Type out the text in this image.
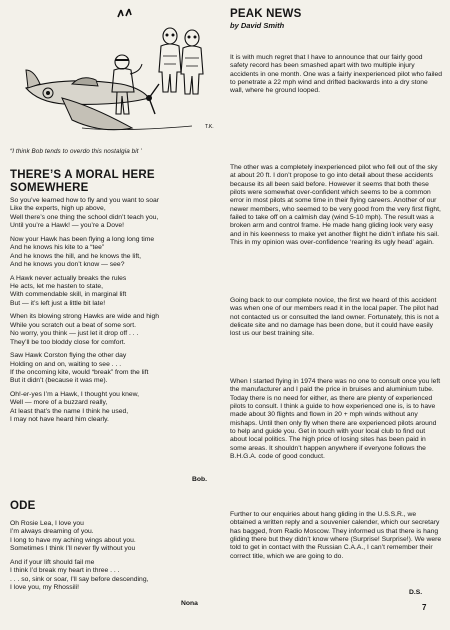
T.K.
“I think Bob tends to overdo this nostalgia bit ’
THERE’S A MORAL HERE
SOMEWHERE
So you’ve learned how to fly and you want to soar
Like the experts, high up above,
Well there’s one thing the school didn’t teach you,
Until you’re a Hawk! — you’re a Dove!
Now your Hawk has been flying a long long time
And he knows his kite to a “tee”
And he knows the hill, and he knows the lift,
And he knows you don’t know — see?
A Hawk never actually breaks the rules
He acts, let me hasten to state,
With commendable skill, in marginal lift
But — it’s left just a little bit late!
When its blowing strong Hawks are wide and high
While you scratch out a beat of some sort.
No worry, you think — just let it drop off . . .
They’ll be too bloddy close for comfort.
Saw Hawk Corston flying the other day
Holding on and on, waiting to see . . .
If the oncoming kite, would “break” from the lift
But it didn’t (because it was me).
Oh!-er-yes I’m a Hawk, I thought you knew,
Well — more of a buzzard really,
At least that’s the name I think he used,
I may not have heard him clearly.
Bob.
ODE
Oh Rosie Lea, I love you
I’m always dreaming of you.
I long to have my aching wings about you.
Sometimes I think I’ll never fly without you
And if your lift should fail me
I think I’d break my heart in three . . .
. . . so, sink or soar, I’ll say before descending,
I love you, my Rhossili!
Nona
PEAK NEWS
by David Smith
It is with much regret that I have to announce that our fairly good safety record has been smashed apart with two multiple injury accidents in one month. One was a fairly inexperienced pilot who failed to penetrate a 22 mph wind and drifted backwards into a dry stone wall, where he ground looped.
The other was a completely inexperienced pilot who fell out of the sky at about 20 ft. I don’t propose to go into detail about these accidents because its all been said before. However it seems that both these pilots were somewhat over-confident which seems to be a common error in most pilots at some time in their flying careers. Another of our newer members, who seemed to be very good from the very first flight, failed to take off on a calmish day (wind 5-10 mph). The result was a broken arm and control frame. He made hang gliding look very easy and in his keenness to make yet another flight he didn’t inflate his sail. This in my opinion was over-confidence ‘rearing its ugly head’ again.
Going back to our complete novice, the first we heard of this accident was when one of our members read it in the local paper. The pilot had not contacted us or consulted the land owner. Fortunately, this is not a delicate site and no damage has been done, but it could have easily lost us our best training site.
When I started flying in 1974 there was no one to consult once you left the manufacturer and I paid the price in bruises and aluminium tube. Today there is no need for either, as there are plenty of experienced pilots to consult. I think a guide to how experienced one is, is to have made about 30 flights and flown in 20 + mph winds without any mishaps. Until then only fly when there are experienced pilots around to help and guide you. Get in touch with your local club to find out about local politics. The high price of losing sites has been paid in some areas. It shouldn’t happen anywhere if everyone follows the B.H.G.A. code of good conduct.
Further to our enquiries about hang gliding in the U.S.S.R., we obtained a written reply and a souvenier calender, which our secretary has bagged, from Radio Moscow. They informed us that there is hang gliding there but they didn’t know where (Surprise! Surprise!). We were told to get in contact with the Russian C.A.A., I can’t remember their correct title, which we are going to do.
D.S.
7
